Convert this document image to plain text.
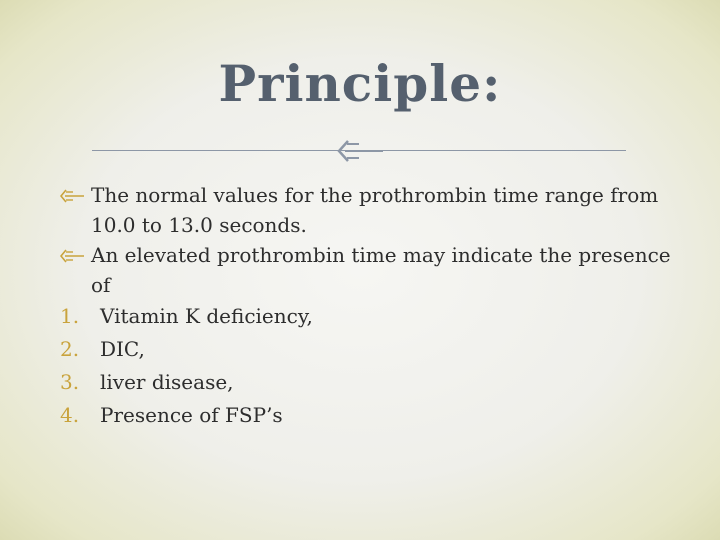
Principle:
The normal values for the prothrombin time range from 10.0 to 13.0 seconds.
An elevated prothrombin time may indicate the presence of
1.	Vitamin K deficiency,
2.	DIC,
3.	liver disease,
4.	Presence of FSP’s
